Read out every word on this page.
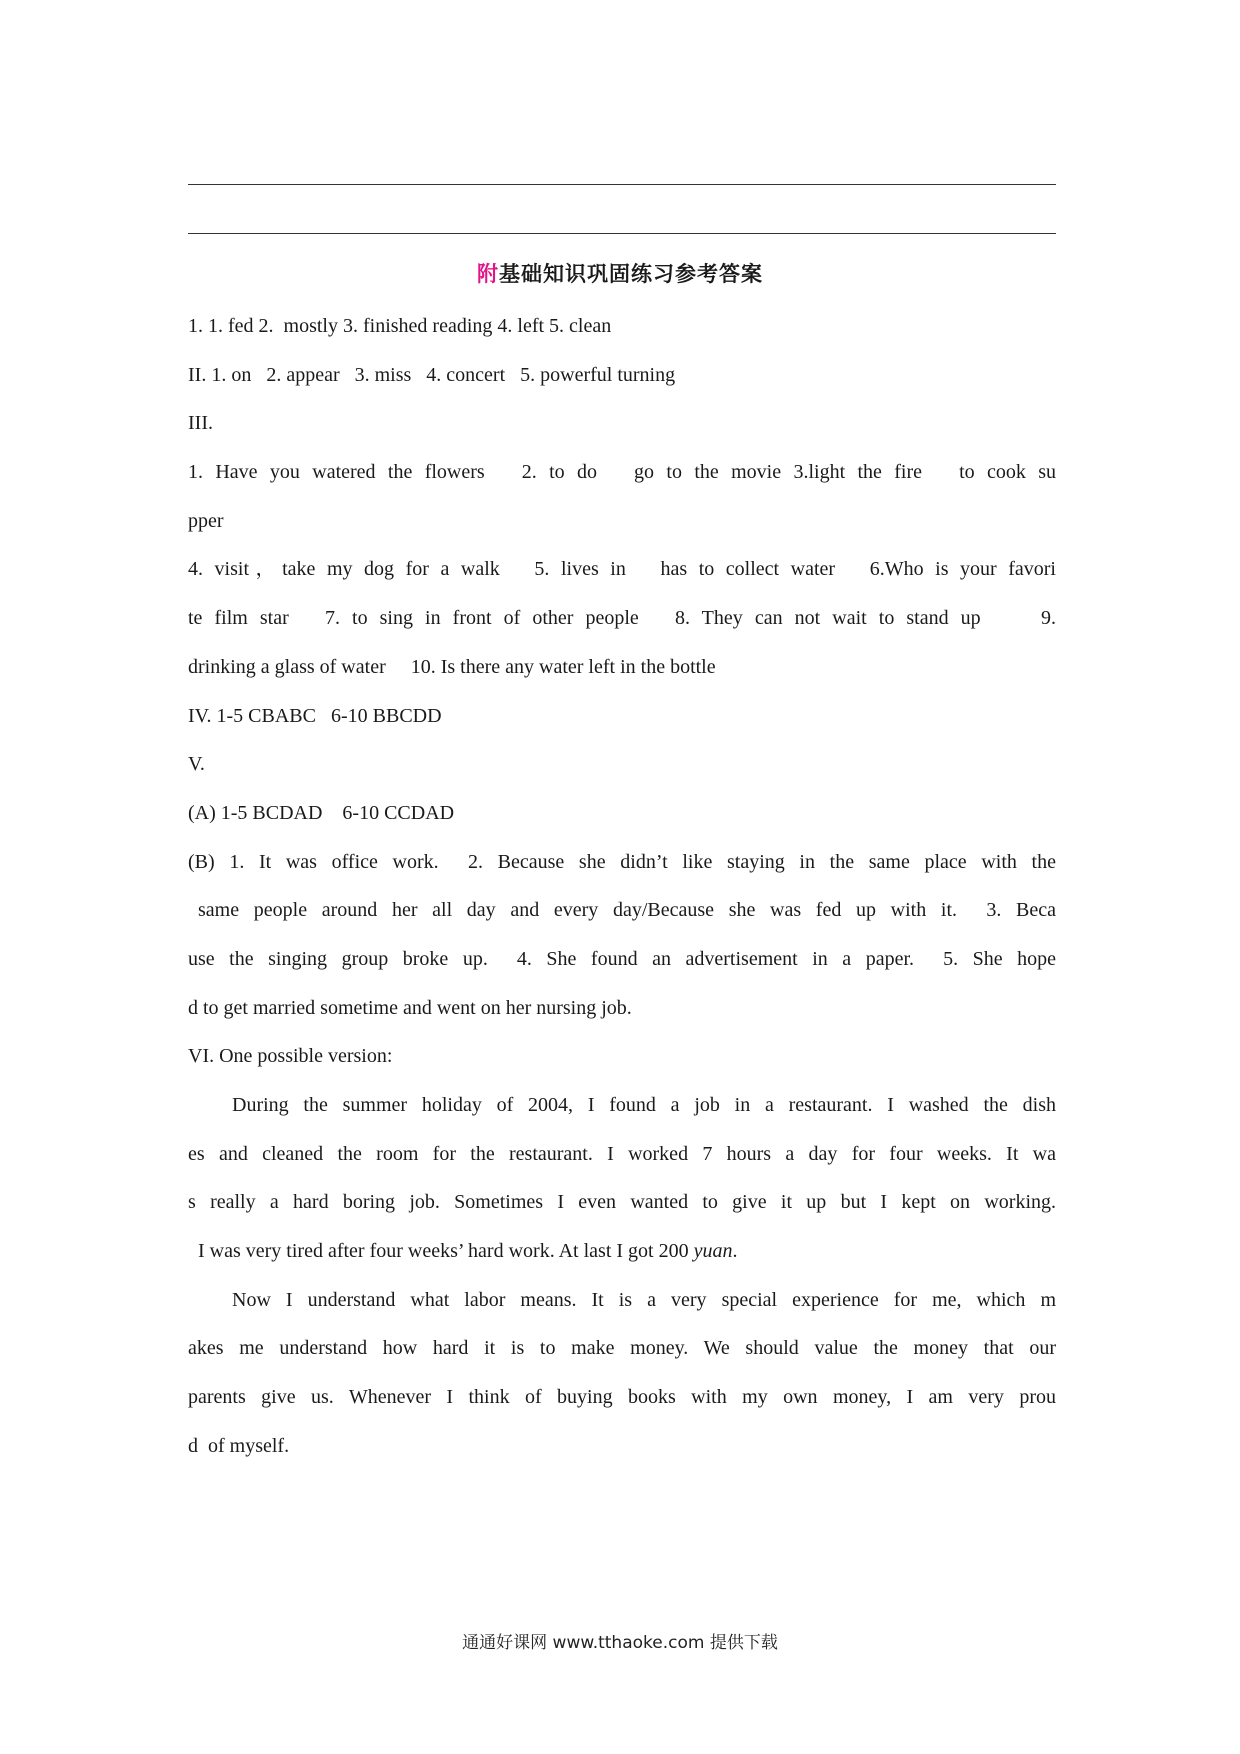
附基础知识巩固练习参考答案
1. 1. fed 2.  mostly 3. finished reading 4. left 5. clean
II. 1. on   2. appear   3. miss   4. concert   5. powerful turning
III.
1. Have you watered the flowers   2. to do   go to the movie 3.light the fire   to cook su
pper
4. visit，take my dog for a walk   5. lives in   has to collect water   6.Who is your favori
te film star   7. to sing in front of other people   8. They can not wait to stand up     9.
drinking a glass of water     10. Is there any water left in the bottle
IV. 1-5 CBABC   6-10 BBCDD
V.
(A) 1-5 BCDAD    6-10 CCDAD
(B) 1. It was office work.  2. Because she didn’t like staying in the same place with the
same people around her all day and every day/Because she was fed up with it.  3. Beca
use the singing group broke up.  4. She found an advertisement in a paper.  5. She hope
d to get married sometime and went on her nursing job.
VI. One possible version:
During the summer holiday of 2004, I found a job in a restaurant. I washed the dish
es and cleaned the room for the restaurant. I worked 7 hours a day for four weeks. It wa
s really a hard boring job. Sometimes I even wanted to give it up but I kept on working.
I was very tired after four weeks’ hard work. At last I got 200 yuan.
Now I understand what labor means. It is a very special experience for me, which m
akes me understand how hard it is to make money. We should value the money that our
parents give us. Whenever I think of buying books with my own money, I am very prou
d  of myself.
通通好课网 www.tthaoke.com 提供下载
